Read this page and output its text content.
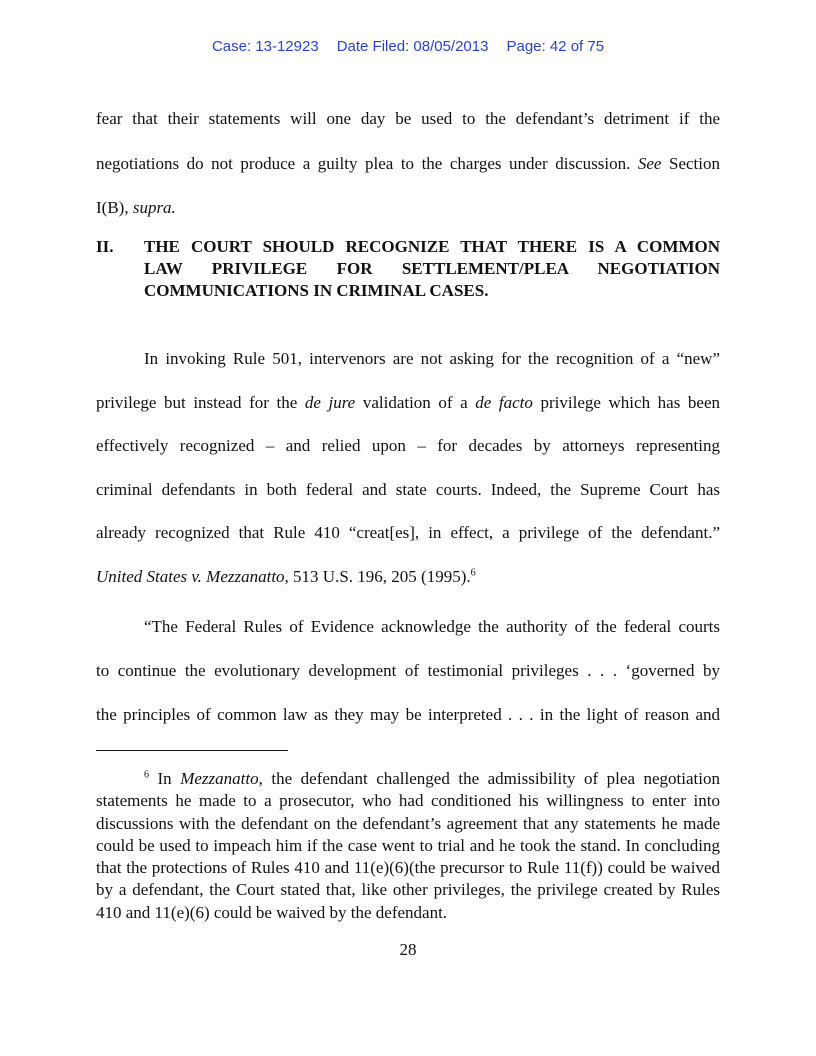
Case: 13-12923 Date Filed: 08/05/2013 Page: 42 of 75
fear that their statements will one day be used to the defendant’s detriment if the
negotiations do not produce a guilty plea to the charges under discussion. See Section
I(B), supra.
II. THE COURT SHOULD RECOGNIZE THAT THERE IS A COMMON
LAW PRIVILEGE FOR SETTLEMENT/PLEA NEGOTIATION
COMMUNICATIONS IN CRIMINAL CASES.
In invoking Rule 501, intervenors are not asking for the recognition of a “new”
privilege but instead for the de jure validation of a de facto privilege which has been
effectively recognized – and relied upon – for decades by attorneys representing
criminal defendants in both federal and state courts. Indeed, the Supreme Court has
already recognized that Rule 410 “creat[es], in effect, a privilege of the defendant.”
United States v. Mezzanatto, 513 U.S. 196, 205 (1995).$^6$
“The Federal Rules of Evidence acknowledge the authority of the federal courts
to continue the evolutionary development of testimonial privileges . . . ‘governed by
the principles of common law as they may be interpreted . . . in the light of reason and
$^6$ In Mezzanatto, the defendant challenged the admissibility of plea negotiation statements he made to a prosecutor, who had conditioned his willingness to enter into discussions with the defendant on the defendant’s agreement that any statements he made could be used to impeach him if the case went to trial and he took the stand. In concluding that the protections of Rules 410 and 11(e)(6)(the precursor to Rule 11(f)) could be waived by a defendant, the Court stated that, like other privileges, the privilege created by Rules 410 and 11(e)(6) could be waived by the defendant.
28
